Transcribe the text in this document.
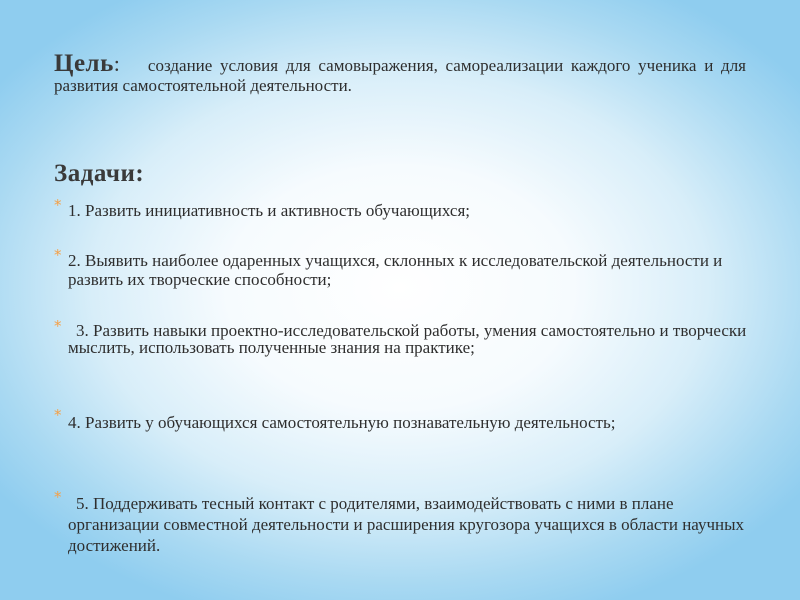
Цель: создание условия для самовыражения, самореализации каждого ученика и для развития самостоятельной деятельности.
Задачи:
* 1. Развить инициативность и активность обучающихся;
* 2. Выявить наиболее одаренных учащихся, склонных к исследовательской деятельности и развить их творческие способности;
* 3. Развить навыки проектно-исследовательской работы, умения самостоятельно и творчески мыслить, использовать полученные знания на практике;
* 4. Развить у обучающихся самостоятельную познавательную деятельность;
* 5. Поддерживать тесный контакт с родителями, взаимодействовать с ними в плане организации совместной деятельности и расширения кругозора учащихся в области научных достижений.
